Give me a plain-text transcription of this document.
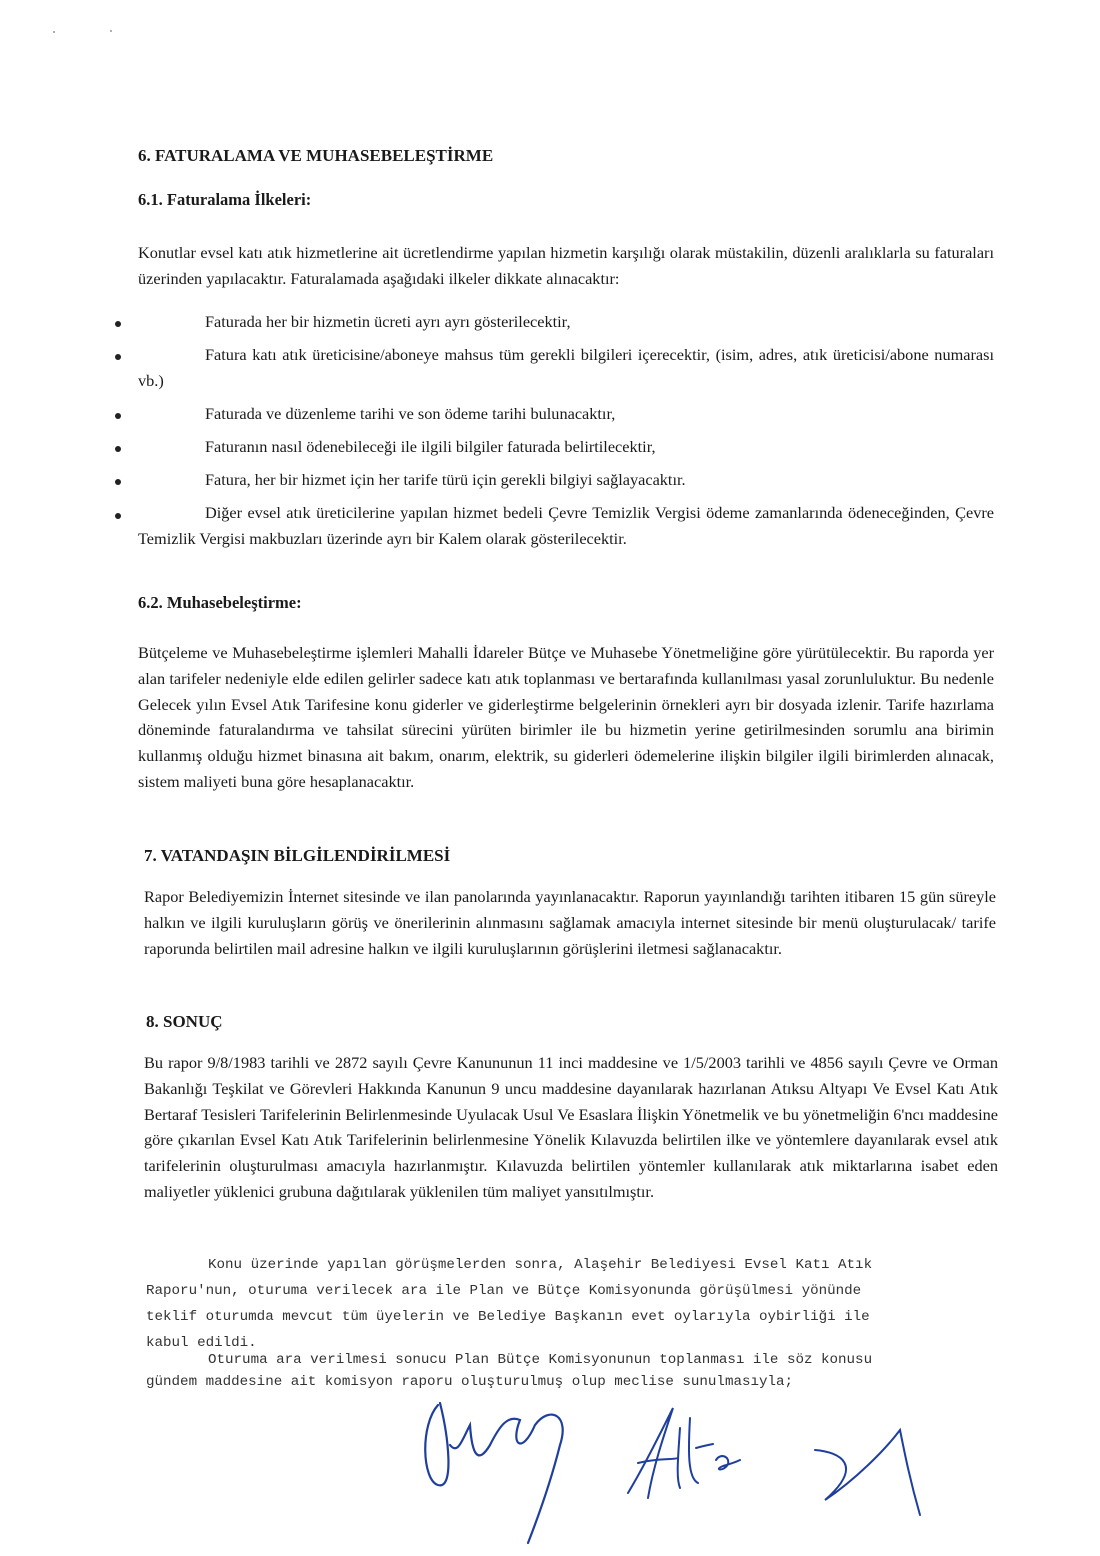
6. FATURALAMA VE MUHASEBELEŞTİRME
6.1. Faturalama İlkeleri:

Konutlar evsel katı atık hizmetlerine ait ücretlendirme yapılan hizmetin karşılığı olarak müstakilin, düzenli aralıklarla su faturaları üzerinden yapılacaktır. Faturalamada aşağıdaki ilkeler dikkate alınacaktır:

Faturada her bir hizmetin ücreti ayrı ayrı gösterilecektir,

Fatura katı atık üreticisine/aboneye mahsus tüm gerekli bilgileri içerecektir, (isim, adres, atık üreticisi/abone numarası vb.)

Faturada ve düzenleme tarihi ve son ödeme tarihi bulunacaktır,

Faturanın nasıl ödenebileceği ile ilgili bilgiler faturada belirtilecektir,

Fatura, her bir hizmet için her tarife türü için gerekli bilgiyi sağlayacaktır.

Diğer evsel atık üreticilerine yapılan hizmet bedeli Çevre Temizlik Vergisi ödeme zamanlarında ödeneceğinden, Çevre Temizlik Vergisi makbuzları üzerinde ayrı bir Kalem olarak gösterilecektir.

6.2. Muhasebeleştirme:

Bütçeleme ve Muhasebeleştirme işlemleri Mahalli İdareler Bütçe ve Muhasebe Yönetmeliğine göre yürütülecektir. Bu raporda yer alan tarifeler nedeniyle elde edilen gelirler sadece katı atık toplanması ve bertarafında kullanılması yasal zorunluluktur. Bu nedenle Gelecek yılın Evsel Atık Tarifesine konu giderler ve giderleştirme belgelerinin örnekleri ayrı bir dosyada izlenir. Tarife hazırlama döneminde faturalandırma ve tahsilat sürecini yürüten birimler ile bu hizmetin yerine getirilmesinden sorumlu ana birimin kullanmış olduğu hizmet binasına ait bakım, onarım, elektrik, su giderleri ödemelerine ilişkin bilgiler ilgili birimlerden alınacak, sistem maliyeti buna göre hesaplanacaktır.

7. VATANDAŞIN BİLGİLENDİRİLMESİ

Rapor Belediyemizin İnternet sitesinde ve ilan panolarında yayınlanacaktır. Raporun yayınlandığı tarihten itibaren 15 gün süreyle halkın ve ilgili kuruluşların görüş ve önerilerinin alınmasını sağlamak amacıyla internet sitesinde bir menü oluşturulacak/ tarife raporunda belirtilen mail adresine halkın ve ilgili kuruluşlarının görüşlerini iletmesi sağlanacaktır.

8. SONUÇ

Bu rapor 9/8/1983 tarihli ve 2872 sayılı Çevre Kanununun 11 inci maddesine ve 1/5/2003 tarihli ve 4856 sayılı Çevre ve Orman Bakanlığı Teşkilat ve Görevleri Hakkında Kanunun 9 uncu maddesine dayanılarak hazırlanan Atıksu Altyapı Ve Evsel Katı Atık Bertaraf Tesisleri Tarifelerinin Belirlenmesinde Uyulacak Usul Ve Esaslara İlişkin Yönetmelik ve bu yönetmeliğin 6'ncı maddesine göre çıkarılan Evsel Katı Atık Tarifelerinin belirlenmesine Yönelik Kılavuzda belirtilen ilke ve yöntemlere dayanılarak evsel atık tarifelerinin oluşturulması amacıyla hazırlanmıştır. Kılavuzda belirtilen yöntemler kullanılarak atık miktarlarına isabet eden maliyetler yüklenici grubuna dağıtılarak yüklenilen tüm maliyet yansıtılmıştır.

Konu üzerinde yapılan görüşmelerden sonra, Alaşehir Belediyesi Evsel Katı Atık

Raporu'nun, oturuma verilecek ara ile Plan ve Bütçe Komisyonunda görüşülmesi yönünde

teklif oturumda mevcut tüm üyelerin ve Belediye Başkanın evet oylarıyla oybirliği ile

kabul edildi.

Oturuma ara verilmesi sonucu Plan Bütçe Komisyonunun toplanması ile söz konusu

gündem maddesine ait komisyon raporu oluşturulmuş olup meclise sunulmasıyla;
